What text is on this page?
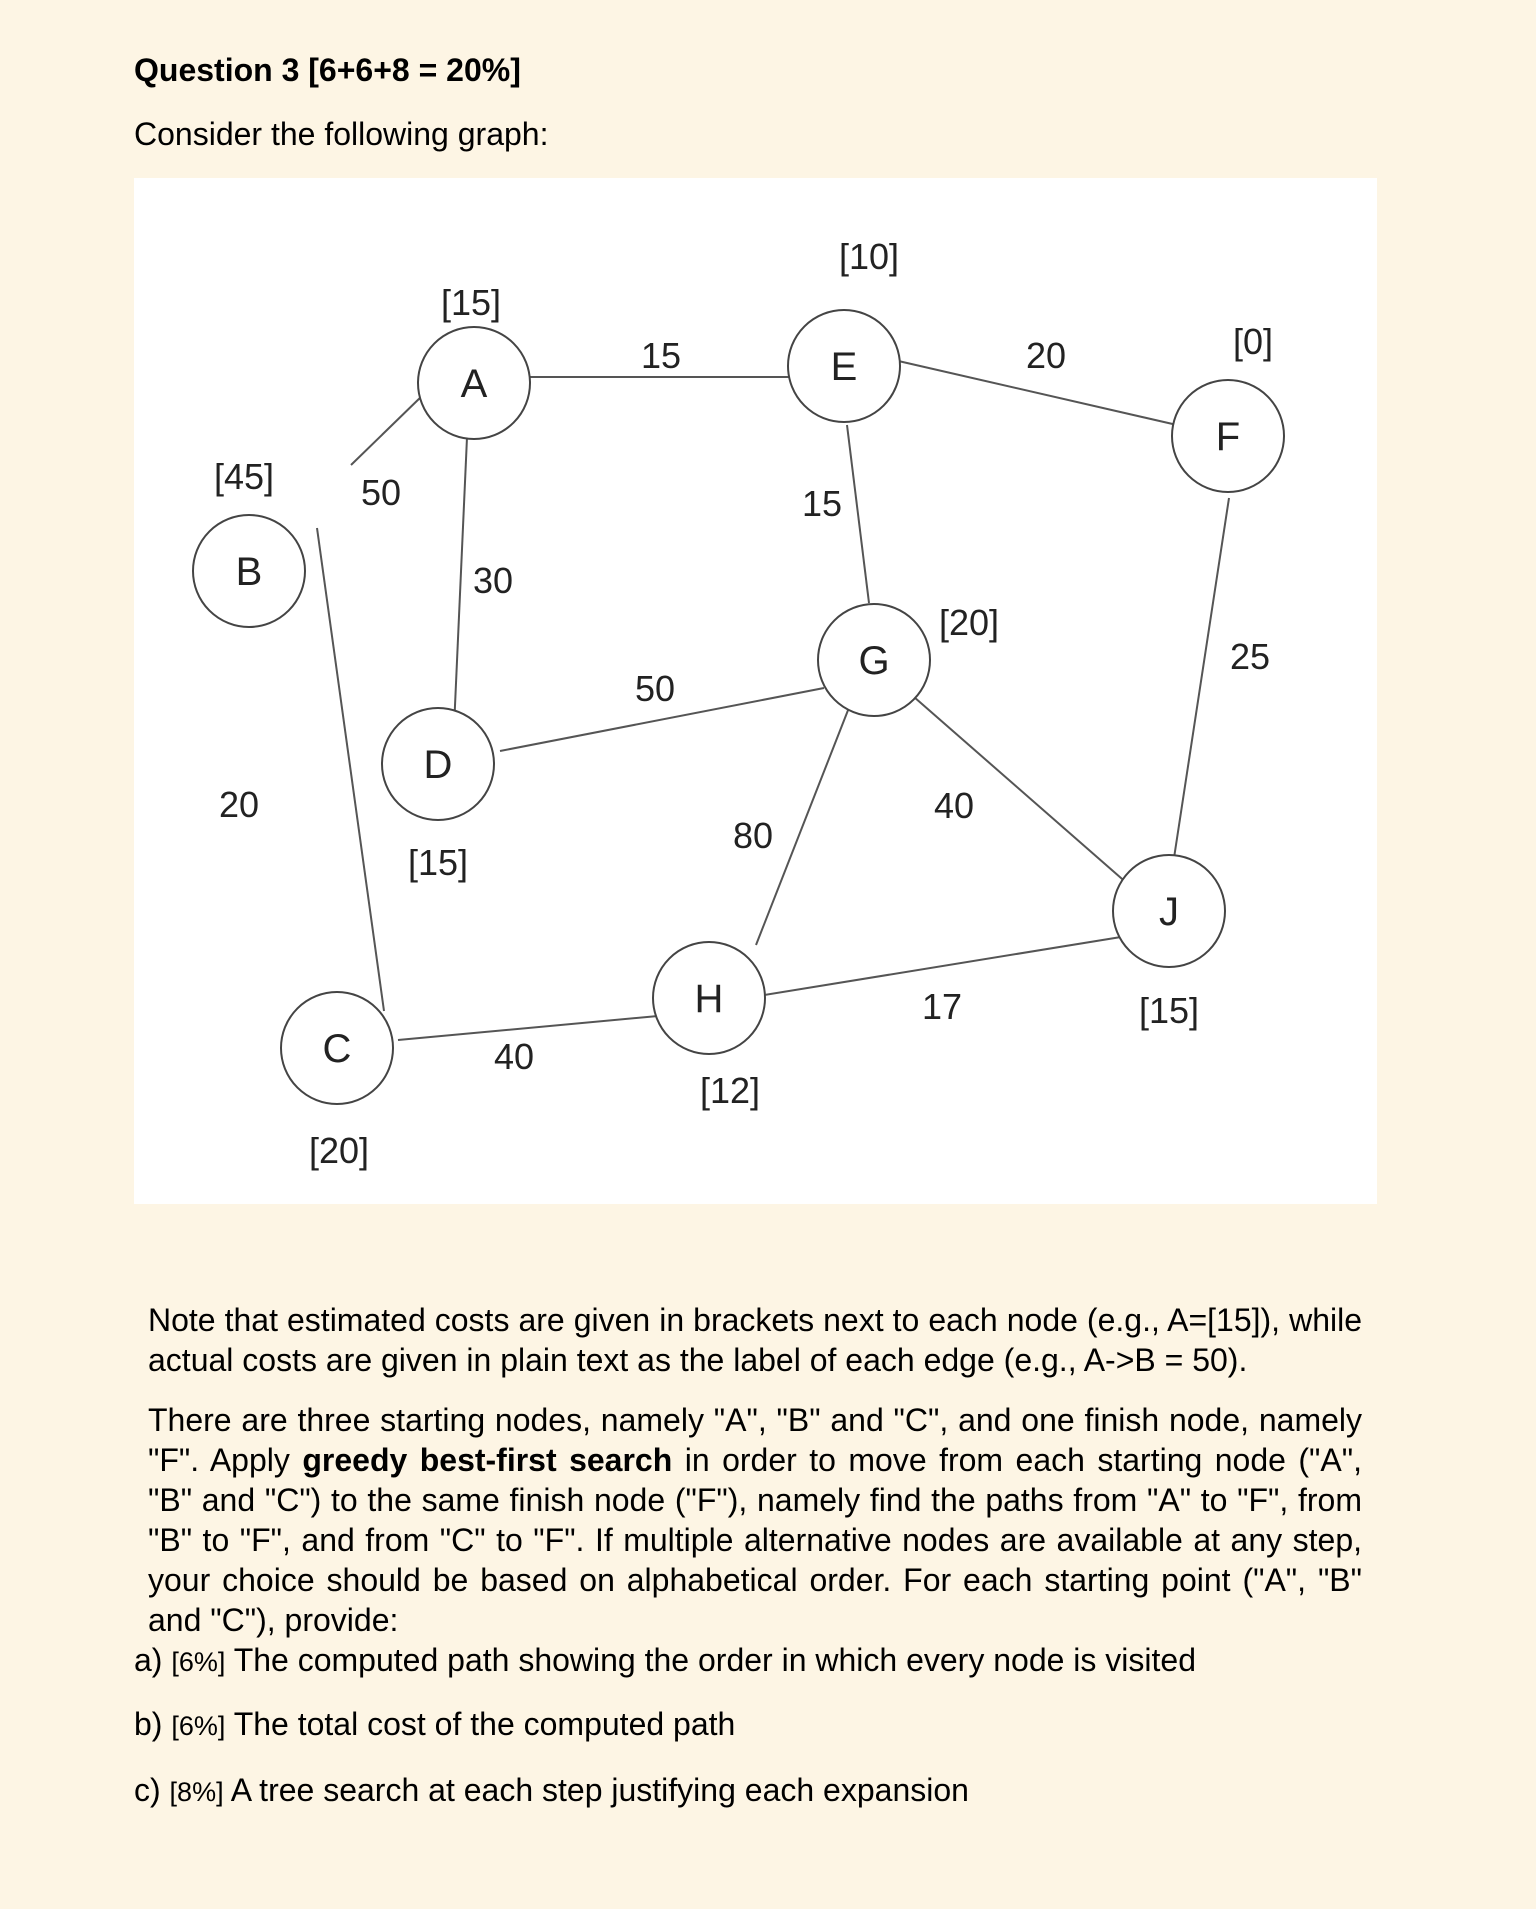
Question 3 [6+6+8 = 20%]

Consider the following graph:

A
B
C
D
E
F
G
H
J
[15]
[45]
[20]
[15]
[10]
[0]
[20]
[12]
[15]
50
15
30
20
20
15
50
80
40
25
40
17

Note that estimated costs are given in brackets next to each node (e.g., A=[15]), while actual costs are given in plain text as the label of each edge (e.g., A->B = 50).

There are three starting nodes, namely "A", "B" and "C", and one finish node, namely "F". Apply greedy best-first search in order to move from each starting node ("A", "B" and "C") to the same finish node ("F"), namely find the paths from "A" to "F", from "B" to "F", and from "C" to "F". If multiple alternative nodes are available at any step, your choice should be based on alphabetical order. For each starting point ("A", "B" and "C"), provide:

a) [6%] The computed path showing the order in which every node is visited

b) [6%] The total cost of the computed path

c) [8%] A tree search at each step justifying each expansion
